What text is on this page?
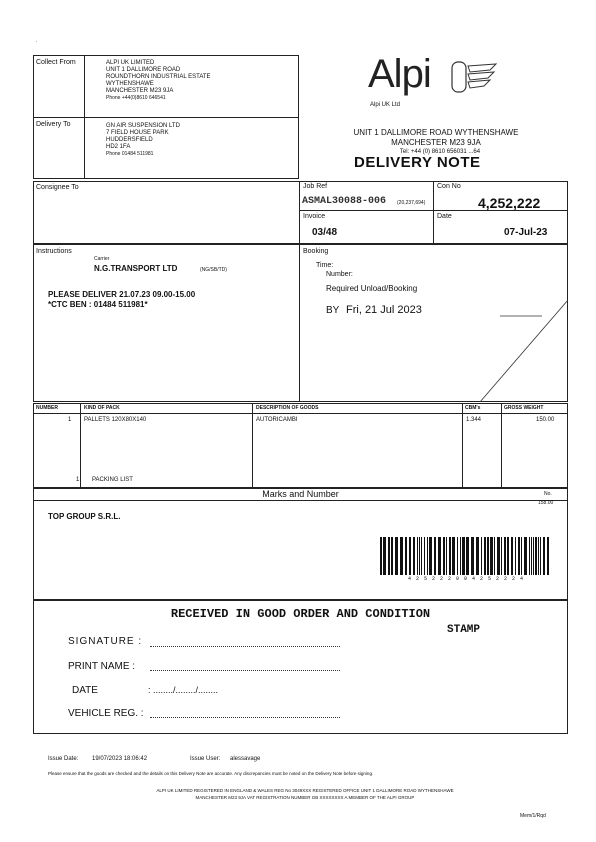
.
Collect From	ALPI UK LIMITED
UNIT 1 DALLIMORE ROAD
ROUNDTHORN INDUSTRIAL ESTATE
WYTHENSHAWE
MANCHESTER M23 9JA
Phone +44(0)8610 646541
Delivery To	GN AIR SUSPENSION LTD
7 FIELD HOUSE PARK
HUDDERSFIELD
HD2 1FA
Phone 01484 511981
Alpi
Alpi UK Ltd
UNIT 1 DALLIMORE ROAD WYTHENSHAWE
MANCHESTER M23 9JA
Tel: +44 (0) 8610 656031 ...64
DELIVERY NOTE
Consignee To	Job Ref
ASMAL30088-006 (20,237,694)
Con No
4,252,222
Invoice
03/48
Date
07-Jul-23
Instructions
Carrier
N.G.TRANSPORT LTD	(NG/SB/TD)
PLEASE DELIVER 21.07.23 09.00-15.00
*CTC BEN : 01484 511981*
Booking
Time:
Number:
Required Unload/Booking
BY Fri, 21 Jul 2023
NUMBER	KIND OF PACK	DESCRIPTION OF GOODS	CBM's	GROSS WEIGHT
1 PALLETS 120X80X140	AUTORICAMBI	1.344	150.00
1 PACKING LIST
Marks and Number	No.
158.00
TOP GROUP S.R.L.
4 2 5 2 2 2 0 0 4 2 5 2 2 2 4
RECEIVED IN GOOD ORDER AND CONDITION
STAMP
SIGNATURE :
PRINT NAME :
DATE	: ......../......../........
VEHICLE REG. :
Issue Date: 19/07/2023 18:06:42	Issue User: alessavage
Please ensure that the goods are checked and the details on this Delivery Note are accurate. Any discrepancies must be noted on the Delivery Note before signing.
ALPI UK LIMITED REGISTERED IN ENGLAND & WALES REG No 3049XXX REGISTERED OFFICE UNIT 1 DALLIMORE ROAD WYTHENSHAWE
MANCHESTER M23 9JA VAT REGISTRATION NUMBER GB XXXXXXXX A MEMBER OF THE ALPI GROUP
Mem/1/Rqd
